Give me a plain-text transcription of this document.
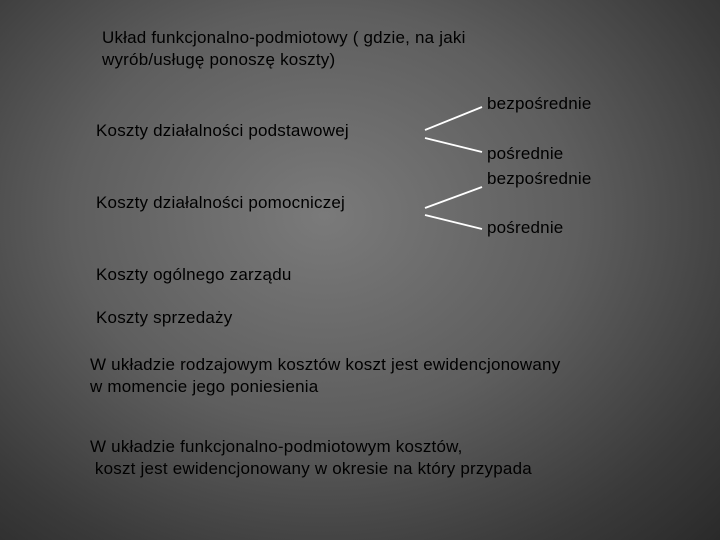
Układ funkcjonalno-podmiotowy ( gdzie, na jaki
wyrób/usługę ponoszę koszty)
Koszty działalności podstawowej
Koszty działalności pomocniczej
Koszty ogólnego zarządu
Koszty sprzedaży
bezpośrednie
pośrednie
bezpośrednie
pośrednie
W układzie rodzajowym kosztów koszt jest ewidencjonowany
w momencie jego poniesienia
W układzie funkcjonalno-podmiotowym kosztów,
koszt jest ewidencjonowany w okresie na który przypada
